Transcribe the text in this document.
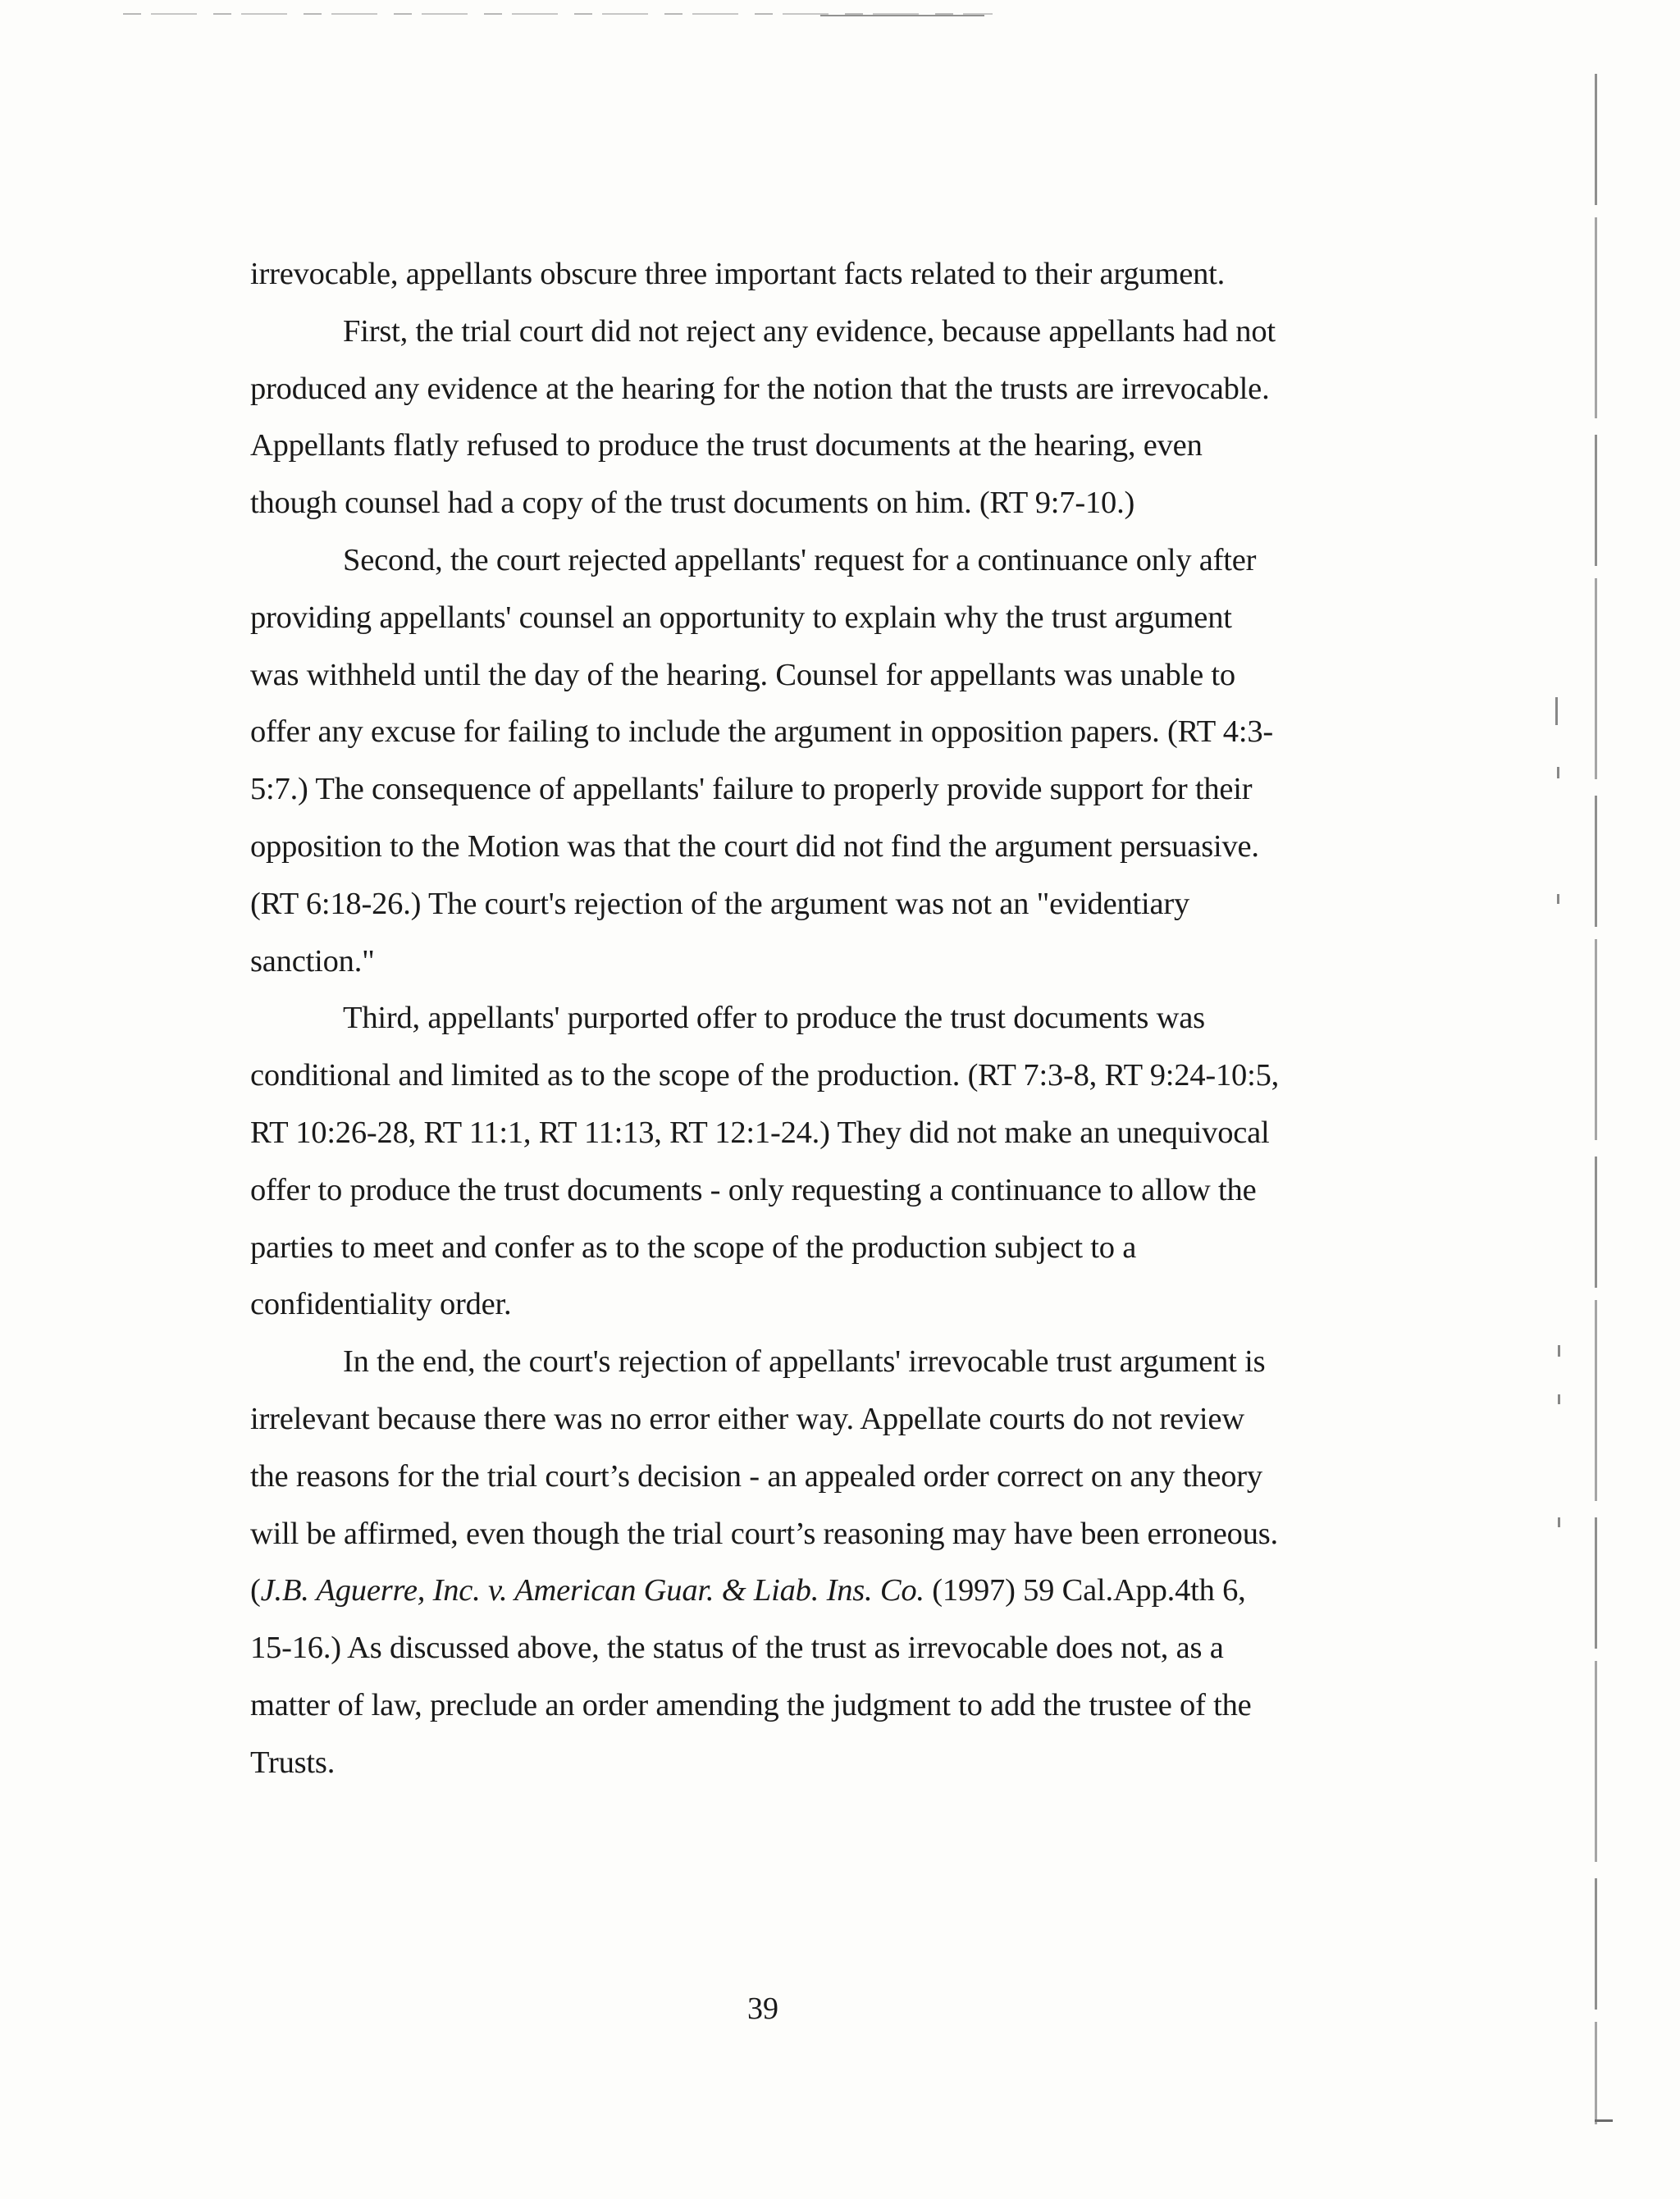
irrevocable, appellants obscure three important facts related to their argument.

First, the trial court did not reject any evidence, because appellants had not produced any evidence at the hearing for the notion that the trusts are irrevocable. Appellants flatly refused to produce the trust documents at the hearing, even though counsel had a copy of the trust documents on him. (RT 9:7-10.)

Second, the court rejected appellants' request for a continuance only after providing appellants' counsel an opportunity to explain why the trust argument was withheld until the day of the hearing. Counsel for appellants was unable to offer any excuse for failing to include the argument in opposition papers. (RT 4:3-5:7.) The consequence of appellants' failure to properly provide support for their opposition to the Motion was that the court did not find the argument persuasive. (RT 6:18-26.) The court's rejection of the argument was not an "evidentiary sanction."

Third, appellants' purported offer to produce the trust documents was conditional and limited as to the scope of the production. (RT 7:3-8, RT 9:24-10:5, RT 10:26-28, RT 11:1, RT 11:13, RT 12:1-24.) They did not make an unequivocal offer to produce the trust documents - only requesting a continuance to allow the parties to meet and confer as to the scope of the production subject to a confidentiality order.

In the end, the court's rejection of appellants' irrevocable trust argument is irrelevant because there was no error either way. Appellate courts do not review the reasons for the trial court’s decision - an appealed order correct on any theory will be affirmed, even though the trial court’s reasoning may have been erroneous. (J.B. Aguerre, Inc. v. American Guar. & Liab. Ins. Co. (1997) 59 Cal.App.4th 6, 15-16.) As discussed above, the status of the trust as irrevocable does not, as a matter of law, preclude an order amending the judgment to add the trustee of the Trusts.

39
